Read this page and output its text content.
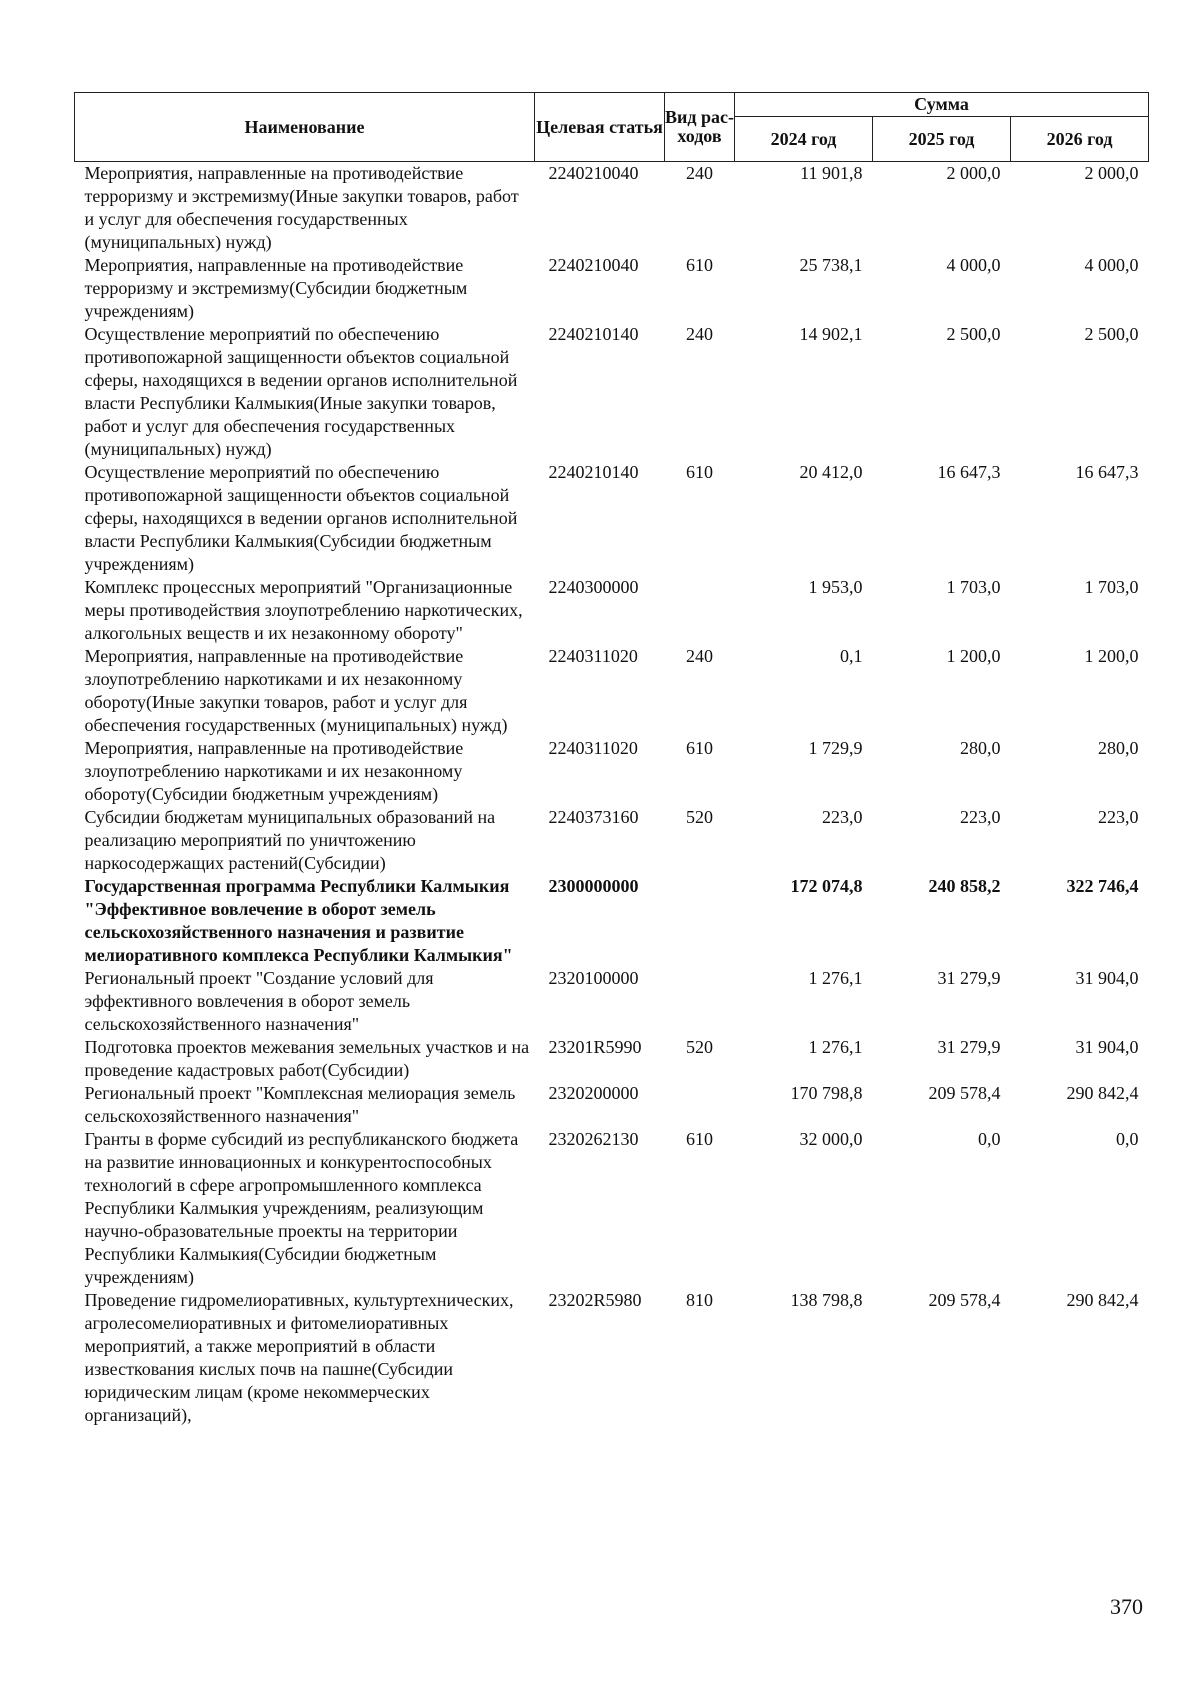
Наименование	Целевая статья	Вид рас-ходов	Сумма		
			2024 год	2025 год	2026 год
Мероприятия, направленные на противодействие терроризму и экстремизму(Иные закупки товаров, работ и услуг для обеспечения государственных (муниципальных) нужд)	2240210040	240	11 901,8	2 000,0	2 000,0
Мероприятия, направленные на противодействие терроризму и экстремизму(Субсидии бюджетным учреждениям)	2240210040	610	25 738,1	4 000,0	4 000,0
Осуществление мероприятий по обеспечению противопожарной защищенности объектов социальной сферы, находящихся в ведении органов исполнительной власти Республики Калмыкия(Иные закупки товаров, работ и услуг для обеспечения государственных (муниципальных) нужд)	2240210140	240	14 902,1	2 500,0	2 500,0
Осуществление мероприятий по обеспечению противопожарной защищенности объектов социальной сферы, находящихся в ведении органов исполнительной власти Республики Калмыкия(Субсидии бюджетным учреждениям)	2240210140	610	20 412,0	16 647,3	16 647,3
Комплекс процессных мероприятий "Организационные меры противодействия злоупотреблению наркотических, алкогольных веществ и их незаконному обороту"	2240300000		1 953,0	1 703,0	1 703,0
Мероприятия, направленные на противодействие злоупотреблению наркотиками и их незаконному обороту(Иные закупки товаров, работ и услуг для обеспечения государственных (муниципальных) нужд)	2240311020	240	0,1	1 200,0	1 200,0
Мероприятия, направленные на противодействие злоупотреблению наркотиками и их незаконному обороту(Субсидии бюджетным учреждениям)	2240311020	610	1 729,9	280,0	280,0
Субсидии бюджетам муниципальных образований на реализацию мероприятий по уничтожению наркосодержащих растений(Субсидии)	2240373160	520	223,0	223,0	223,0
Государственная программа Республики Калмыкия "Эффективное вовлечение в оборот земель сельскохозяйственного назначения и развитие мелиоративного комплекса Республики Калмыкия"	2300000000		172 074,8	240 858,2	322 746,4
Региональный проект "Создание условий для эффективного вовлечения в оборот земель сельскохозяйственного назначения"	2320100000		1 276,1	31 279,9	31 904,0
Подготовка проектов межевания земельных участков и на проведение кадастровых работ(Субсидии)	23201R5990	520	1 276,1	31 279,9	31 904,0
Региональный проект "Комплексная мелиорация земель сельскохозяйственного назначения"	2320200000		170 798,8	209 578,4	290 842,4
Гранты в форме субсидий из республиканского бюджета на развитие инновационных и конкурентоспособных технологий в сфере агропромышленного комплекса Республики Калмыкия учреждениям, реализующим научно-образовательные проекты на территории Республики Калмыкия(Субсидии бюджетным учреждениям)	2320262130	610	32 000,0	0,0	0,0
Проведение гидромелиоративных, культуртехнических, агролесомелиоративных и фитомелиоративных мероприятий, а также мероприятий в области известкования кислых почв на пашне(Субсидии юридическим лицам (кроме некоммерческих организаций),	23202R5980	810	138 798,8	209 578,4	290 842,4
370
